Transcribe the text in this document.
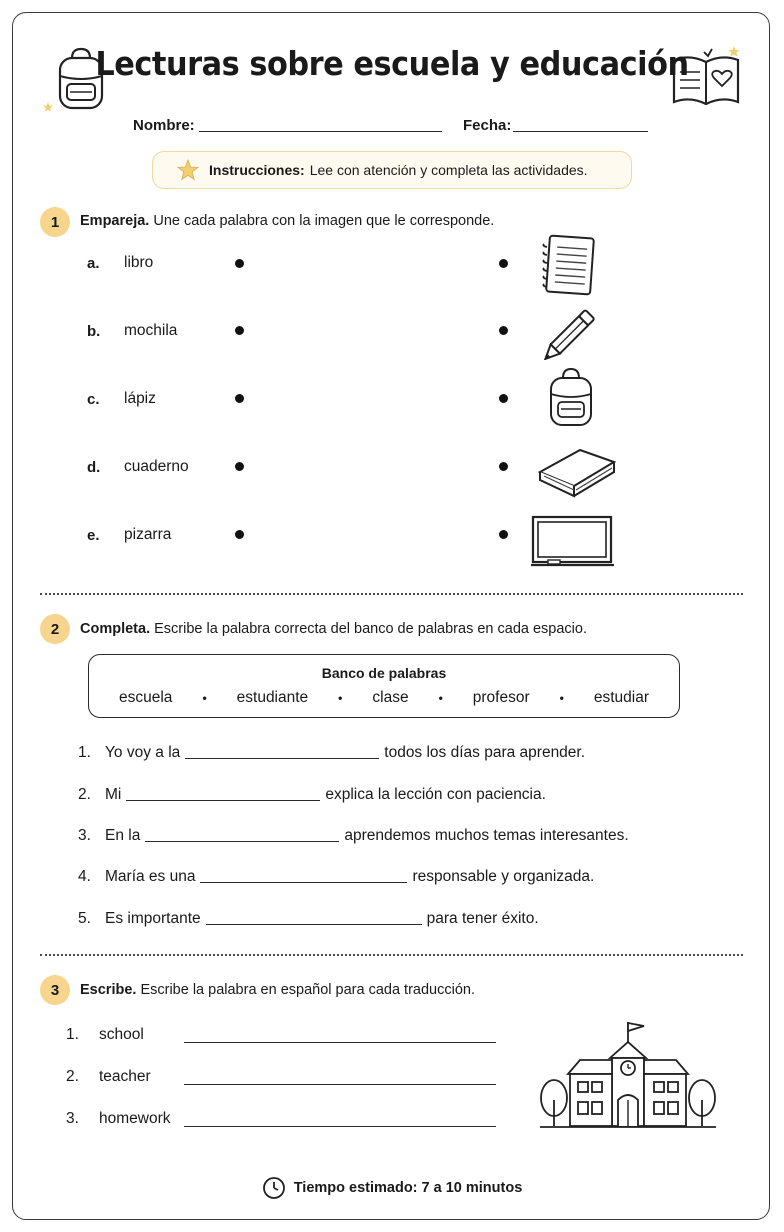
Lecturas sobre escuela y educación
Nombre:	Fecha:
Instrucciones: Lee con atención y completa las actividades.
1	Empareja. Une cada palabra con la imagen que le corresponde.
a. libro
b. mochila
c. lápiz
d. cuaderno
e. pizarra
2	Completa. Escribe la palabra correcta del banco de palabras en cada espacio.
Banco de palabras
escuela	• estudiante	• clase	• profesor	• estudiar
1. Yo voy a la	todos los días para aprender.
2. Mi	explica la lección con paciencia.
3. En la	aprendemos muchos temas interesantes.
4. María es una	responsable y organizada.
5. Es importante	para tener éxito.
3	Escribe. Escribe la palabra en español para cada traducción.
1. school
2. teacher
3. homework
Tiempo estimado: 7 a 10 minutos
